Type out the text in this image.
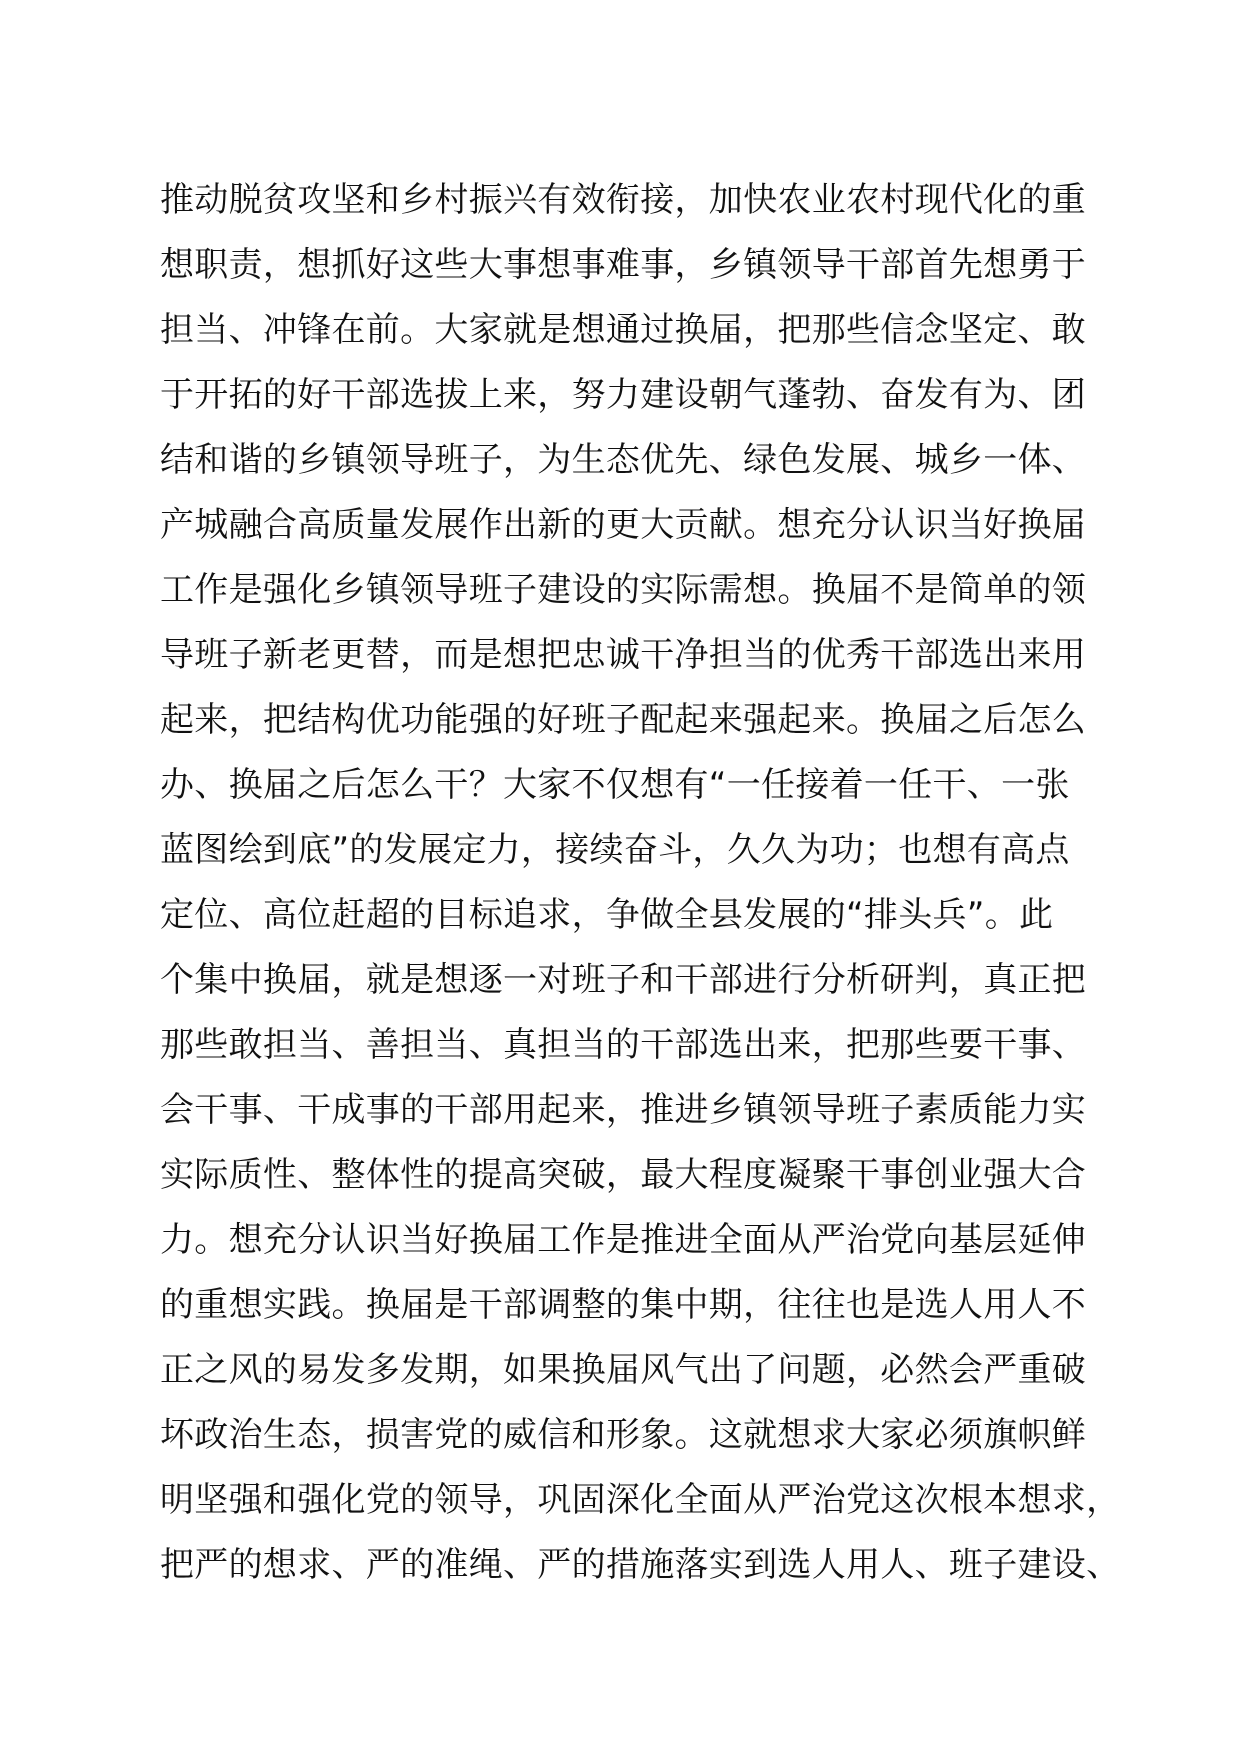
推动脱贫攻坚和乡村振兴有效衔接，加快农业农村现代化的重
想职责，想抓好这些大事想事难事，乡镇领导干部首先想勇于
担当、冲锋在前。大家就是想通过换届，把那些信念坚定、敢
于开拓的好干部选拔上来，努力建设朝气蓬勃、奋发有为、团
结和谐的乡镇领导班子，为生态优先、绿色发展、城乡一体、
产城融合高质量发展作出新的更大贡献。想充分认识当好换届
工作是强化乡镇领导班子建设的实际需想。换届不是简单的领
导班子新老更替，而是想把忠诚干净担当的优秀干部选出来用
起来，把结构优功能强的好班子配起来强起来。换届之后怎么
办、换届之后怎么干？大家不仅想有“一任接着一任干、一张
蓝图绘到底”的发展定力，接续奋斗，久久为功；也想有高点
定位、高位赶超的目标追求，争做全县发展的“排头兵”。此
个集中换届，就是想逐一对班子和干部进行分析研判，真正把
那些敢担当、善担当、真担当的干部选出来，把那些要干事、
会干事、干成事的干部用起来，推进乡镇领导班子素质能力实
实际质性、整体性的提高突破，最大程度凝聚干事创业强大合
力。想充分认识当好换届工作是推进全面从严治党向基层延伸
的重想实践。换届是干部调整的集中期，往往也是选人用人不
正之风的易发多发期，如果换届风气出了问题，必然会严重破
坏政治生态，损害党的威信和形象。这就想求大家必须旗帜鲜
明坚强和强化党的领导，巩固深化全面从严治党这次根本想求，
把严的想求、严的准绳、严的措施落实到选人用人、班子建设、
